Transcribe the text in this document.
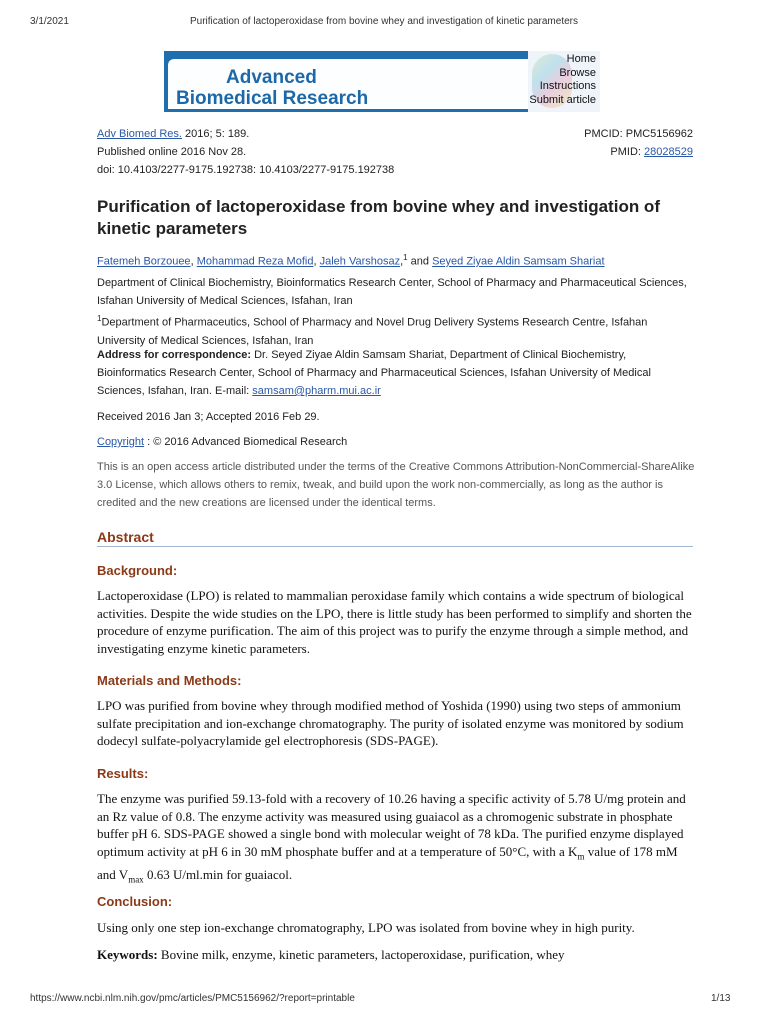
3/1/2021	Purification of lactoperoxidase from bovine whey and investigation of kinetic parameters
https://www.ncbi.nlm.nih.gov/pmc/articles/PMC5156962/?report=printable	1/13
Advanced
Biomedical Research
Home
Browse
Instructions
Submit article
Adv Biomed Res. 2016; 5: 189.
Published online 2016 Nov 28.
doi: 10.4103/2277-9175.192738: 10.4103/2277-9175.192738
PMCID: PMC5156962
PMID: 28028529
Purification of lactoperoxidase from bovine whey and investigation of kinetic parameters
Fatemeh Borzouee, Mohammad Reza Mofid, Jaleh Varshosaz,$^1$ and Seyed Ziyae Aldin Samsam Shariat
Department of Clinical Biochemistry, Bioinformatics Research Center, School of Pharmacy and Pharmaceutical Sciences, Isfahan University of Medical Sciences, Isfahan, Iran
$^1$Department of Pharmaceutics, School of Pharmacy and Novel Drug Delivery Systems Research Centre, Isfahan University of Medical Sciences, Isfahan, Iran
Address for correspondence: Dr. Seyed Ziyae Aldin Samsam Shariat, Department of Clinical Biochemistry, Bioinformatics Research Center, School of Pharmacy and Pharmaceutical Sciences, Isfahan University of Medical Sciences, Isfahan, Iran. E-mail: samsam@pharm.mui.ac.ir
Received 2016 Jan 3; Accepted 2016 Feb 29.
Copyright : © 2016 Advanced Biomedical Research
This is an open access article distributed under the terms of the Creative Commons Attribution-NonCommercial-ShareAlike 3.0 License, which allows others to remix, tweak, and build upon the work non-commercially, as long as the author is credited and the new creations are licensed under the identical terms.
Abstract
Background:
Lactoperoxidase (LPO) is related to mammalian peroxidase family which contains a wide spectrum of biological activities. Despite the wide studies on the LPO, there is little study has been performed to simplify and shorten the procedure of enzyme purification. The aim of this project was to purify the enzyme through a simple method, and investigating enzyme kinetic parameters.
Materials and Methods:
LPO was purified from bovine whey through modified method of Yoshida (1990) using two steps of ammonium sulfate precipitation and ion-exchange chromatography. The purity of isolated enzyme was monitored by sodium dodecyl sulfate-polyacrylamide gel electrophoresis (SDS-PAGE).
Results:
The enzyme was purified 59.13-fold with a recovery of 10.26 having a specific activity of 5.78 U/mg protein and an Rz value of 0.8. The enzyme activity was measured using guaiacol as a chromogenic substrate in phosphate buffer pH 6. SDS-PAGE showed a single bond with molecular weight of 78 kDa. The purified enzyme displayed optimum activity at pH 6 in 30 mM phosphate buffer and at a temperature of 50°C, with a $K_m$ value of 178 mM and $V_{max}$ 0.63 U/ml.min for guaiacol.
Conclusion:
Using only one step ion-exchange chromatography, LPO was isolated from bovine whey in high purity.
Keywords: Bovine milk, enzyme, kinetic parameters, lactoperoxidase, purification, whey
